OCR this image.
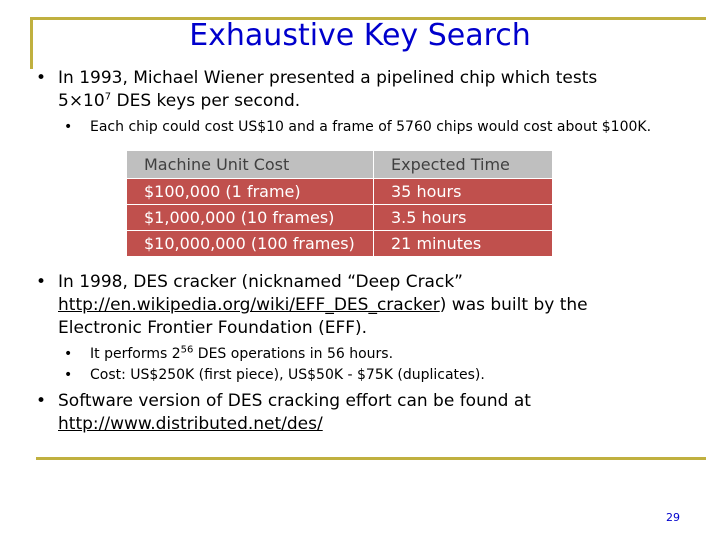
Exhaustive Key Search
• In 1993, Michael Wiener presented a pipelined chip which tests
$5\times 10^7$ DES keys per second.
• Each chip could cost US$10 and a frame of 5760 chips would cost about $100K.
Machine Unit Cost	Expected Time
$100,000 (1 frame)	35 hours
$1,000,000 (10 frames)	3.5 hours
$10,000,000 (100 frames)	21 minutes
• In 1998, DES cracker (nicknamed “Deep Crack”
http://en.wikipedia.org/wiki/EFF_DES_cracker) was built by the
Electronic Frontier Foundation (EFF).
• It performs $2^{56}$ DES operations in 56 hours.
• Cost: US$250K (first piece), US$50K - $75K (duplicates).
• Software version of DES cracking effort can be found at
http://www.distributed.net/des/
29
